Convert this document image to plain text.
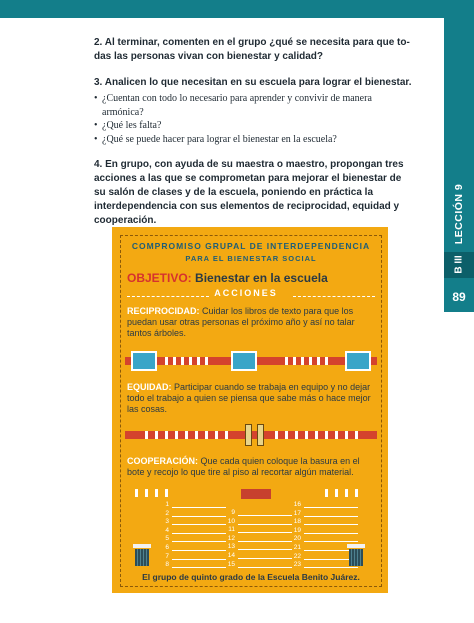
LECCIÓN 9
B III
89

2. Al terminar, comenten en el grupo ¿qué se necesita para que todas las personas vivan con bienestar y calidad?

3. Analicen lo que necesitan en su escuela para lograr el bienestar.

• ¿Cuentan con todo lo necesario para aprender y convivir de manera armónica?
• ¿Qué les falta?
• ¿Qué se puede hacer para lograr el bienestar en la escuela?

4. En grupo, con ayuda de su maestra o maestro, propongan tres acciones a las que se comprometan para mejorar el bienestar de su salón de clases y de la escuela, poniendo en práctica la interdependencia con sus elementos de reciprocidad, equidad y cooperación.

COMPROMISO GRUPAL DE INTERDEPENDENCIA
PARA EL BIENESTAR SOCIAL
OBJETIVO: Bienestar en la escuela
ACCIONES
RECIPROCIDAD: Cuidar los libros de texto para que los puedan usar otras personas el próximo año y así no talar tantos árboles.
EQUIDAD: Participar cuando se trabaja en equipo y no dejar todo el trabajo a quien se piensa que sabe más o hace mejor las cosas.
COOPERACIÓN: Que cada quien coloque la basura en el bote y recojo lo que tire al piso al recortar algún material.
1
2
3
4
5
6
7
8
9
10
11
12
13
14
15
16
17
18
19
20
21
22
23
El grupo de quinto grado de la Escuela Benito Juárez.
